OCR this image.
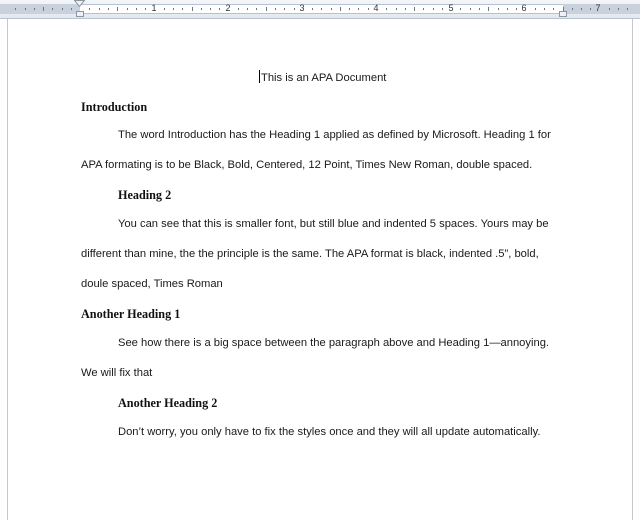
1	2	3	4	5	6	7
This is an APA Document
Introduction
The word Introduction has the Heading 1 applied as defined by Microsoft. Heading 1 for
APA formating is to be Black, Bold, Centered, 12 Point, Times New Roman, double spaced.
Heading 2
You can see that this is smaller font, but still blue and indented 5 spaces. Yours may be
different than mine, the the principle is the same. The APA format is black, indented .5”, bold,
doule spaced, Times Roman
Another Heading 1
See how there is a big space between the paragraph above and Heading 1—annoying.
We will fix that
Another Heading 2
Don’t worry, you only have to fix the styles once and they will all update automatically.
